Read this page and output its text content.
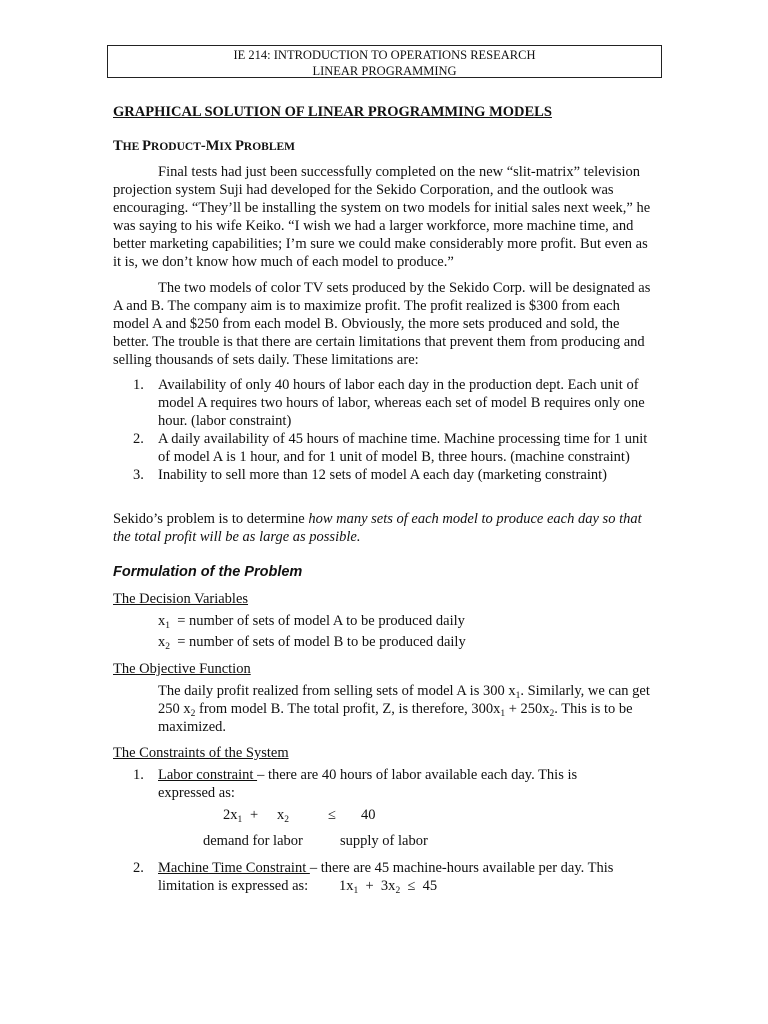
IE 214: INTRODUCTION TO OPERATIONS RESEARCH
LINEAR PROGRAMMING
GRAPHICAL SOLUTION OF LINEAR PROGRAMMING MODELS
THE PRODUCT-MIX PROBLEM
Final tests had just been successfully completed on the new “slit-matrix” television projection system Suji had developed for the Sekido Corporation, and the outlook was encouraging. “They’ll be installing the system on two models for initial sales next week,” he was saying to his wife Keiko. “I wish we had a larger workforce, more machine time, and better marketing capabilities; I’m sure we could make considerably more profit. But even as it is, we don’t know how much of each model to produce.”
The two models of color TV sets produced by the Sekido Corp. will be designated as A and B. The company aim is to maximize profit. The profit realized is $300 from each model A and $250 from each model B. Obviously, the more sets produced and sold, the better. The trouble is that there are certain limitations that prevent them from producing and selling thousands of sets daily. These limitations are:
1. Availability of only 40 hours of labor each day in the production dept. Each unit of model A requires two hours of labor, whereas each set of model B requires only one hour. (labor constraint)
2. A daily availability of 45 hours of machine time. Machine processing time for 1 unit of model A is 1 hour, and for 1 unit of model B, three hours. (machine constraint)
3. Inability to sell more than 12 sets of model A each day (marketing constraint)
Sekido’s problem is to determine how many sets of each model to produce each day so that the total profit will be as large as possible.
Formulation of the Problem
The Decision Variables
$x_1$ = number of sets of model A to be produced daily
$x_2$ = number of sets of model B to be produced daily
The Objective Function
The daily profit realized from selling sets of model A is 300 $x_1$. Similarly, we can get 250 $x_2$ from model B. The total profit, Z, is therefore, $300x_1 + 250x_2$. This is to be maximized.
The Constraints of the System
1. Labor constraint – there are 40 hours of labor available each day. This is expressed as:
$2x_1 + x_2$	≤ 40
demand for labor	supply of labor
2. Machine Time Constraint – there are 45 machine-hours available per day. This
limitation is expressed as: $1x_1 + 3x_2 \le 45$
